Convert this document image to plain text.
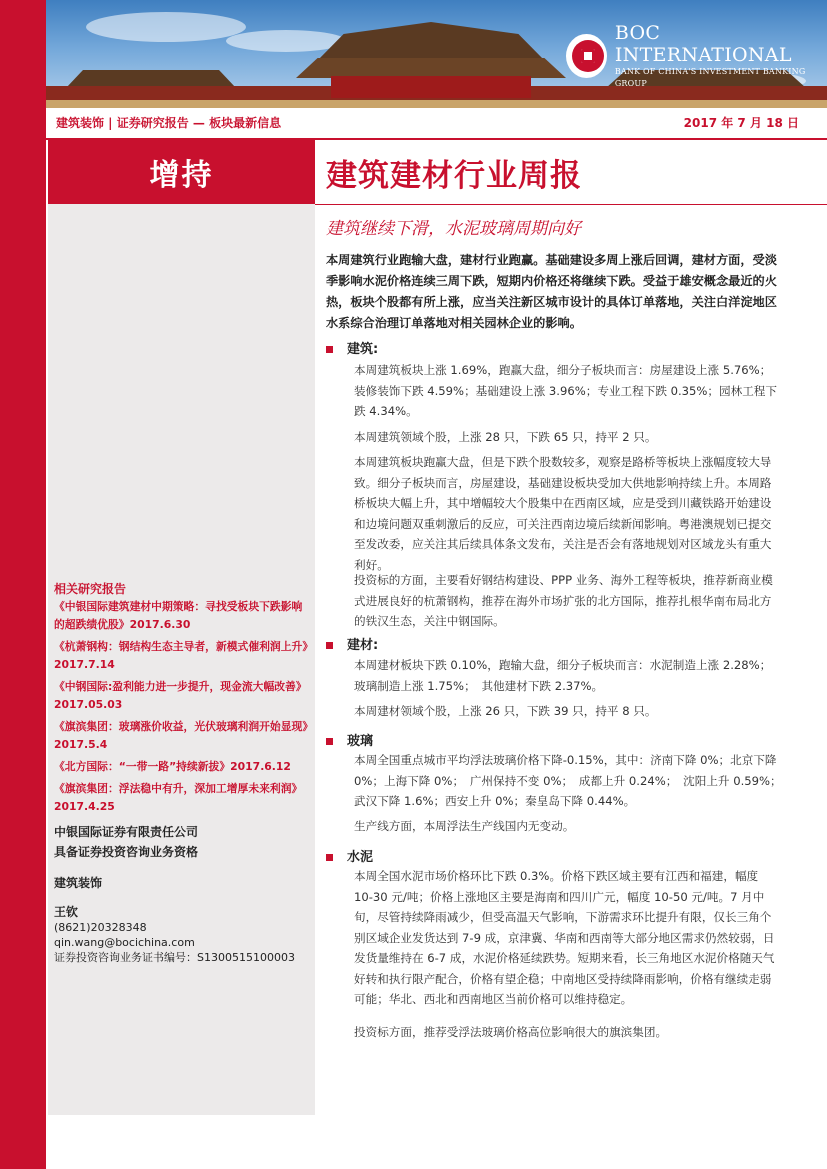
BOC INTERNATIONAL
BANK OF CHINA'S INVESTMENT BANKING GROUP
建筑装饰 | 证券研究报告 — 板块最新信息	2017 年 7 月 18 日
增持	建筑建材行业周报
建筑继续下滑，水泥玻璃周期向好
本周建筑行业跑输大盘，建材行业跑赢。基础建设多周上涨后回调，建材方面，受淡季影响水泥价格连续三周下跌，短期内价格还将继续下跌。受益于雄安概念最近的火热，板块个股都有所上涨，应当关注新区城市设计的具体订单落地，关注白洋淀地区水系综合治理订单落地对相关园林企业的影响。
建筑:
本周建筑板块上涨 1.69%，跑赢大盘，细分子板块而言：房屋建设上涨 5.76%；装修装饰下跌 4.59%；基础建设上涨 3.96%；专业工程下跌 0.35%；园林工程下跌 4.34%。
本周建筑领域个股，上涨 28 只，下跌 65 只，持平 2 只。
本周建筑板块跑赢大盘，但是下跌个股数较多，观察是路桥等板块上涨幅度较大导致。细分子板块而言，房屋建设，基础建设板块受加大供地影响持续上升。本周路桥板块大幅上升，其中增幅较大个股集中在西南区域，应是受到川藏铁路开始建设和边境问题双重刺激后的反应，可关注西南边境后续新闻影响。粤港澳规划已提交至发改委，应关注其后续具体条文发布，关注是否会有落地规划对区域龙头有重大利好。
投资标的方面，主要看好钢结构建设、PPP 业务、海外工程等板块，推荐新商业模式进展良好的杭萧钢构，推荐在海外市场扩张的北方国际，推荐扎根华南布局北方的铁汉生态，关注中钢国际。
建材:
本周建材板块下跌 0.10%，跑输大盘，细分子板块而言：水泥制造上涨 2.28%；　玻璃制造上涨 1.75%；　其他建材下跌 2.37%。
本周建材领域个股，上涨 26 只，下跌 39 只，持平 8 只。
玻璃
本周全国重点城市平均浮法玻璃价格下降-0.15%，其中：济南下降 0%；北京下降 0%；上海下降 0%；　广州保持不变 0%；　成都上升 0.24%；　沈阳上升 0.59%；　武汉下降 1.6%；西安上升 0%；秦皇岛下降 0.44%。
生产线方面，本周浮法生产线国内无变动。
水泥
本周全国水泥市场价格环比下跌 0.3%。价格下跌区域主要有江西和福建，幅度 10-30 元/吨；价格上涨地区主要是海南和四川广元，幅度 10-50 元/吨。7 月中旬，尽管持续降雨减少，但受高温天气影响，下游需求环比提升有限，仅长三角个别区域企业发货达到 7-9 成，京津冀、华南和西南等大部分地区需求仍然较弱，日发货量维持在 6-7 成，水泥价格延续跌势。短期来看，长三角地区水泥价格随天气好转和执行限产配合，价格有望企稳；中南地区受持续降雨影响，价格有继续走弱可能；华北、西北和西南地区当前价格可以维持稳定。
投资标方面，推荐受浮法玻璃价格高位影响很大的旗滨集团。
相关研究报告
《中银国际建筑建材中期策略：寻找受板块下跌影响的超跌绩优股》2017.6.30
《杭萧钢构：钢结构生态主导者，新模式催利润上升》2017.7.14
《中钢国际:盈利能力进一步提升，现金流大幅改善》2017.05.03
《旗滨集团：玻璃涨价收益，光伏玻璃利润开始显现》2017.5.4
《北方国际：“一带一路”持续新拔》2017.6.12
《旗滨集团：浮法稳中有升，深加工增厚未来利润》2017.4.25
中银国际证券有限责任公司
具备证券投资咨询业务资格
建筑装饰
王钦
(8621)20328348
qin.wang@bocichina.com
证券投资咨询业务证书编号：S1300515100003
